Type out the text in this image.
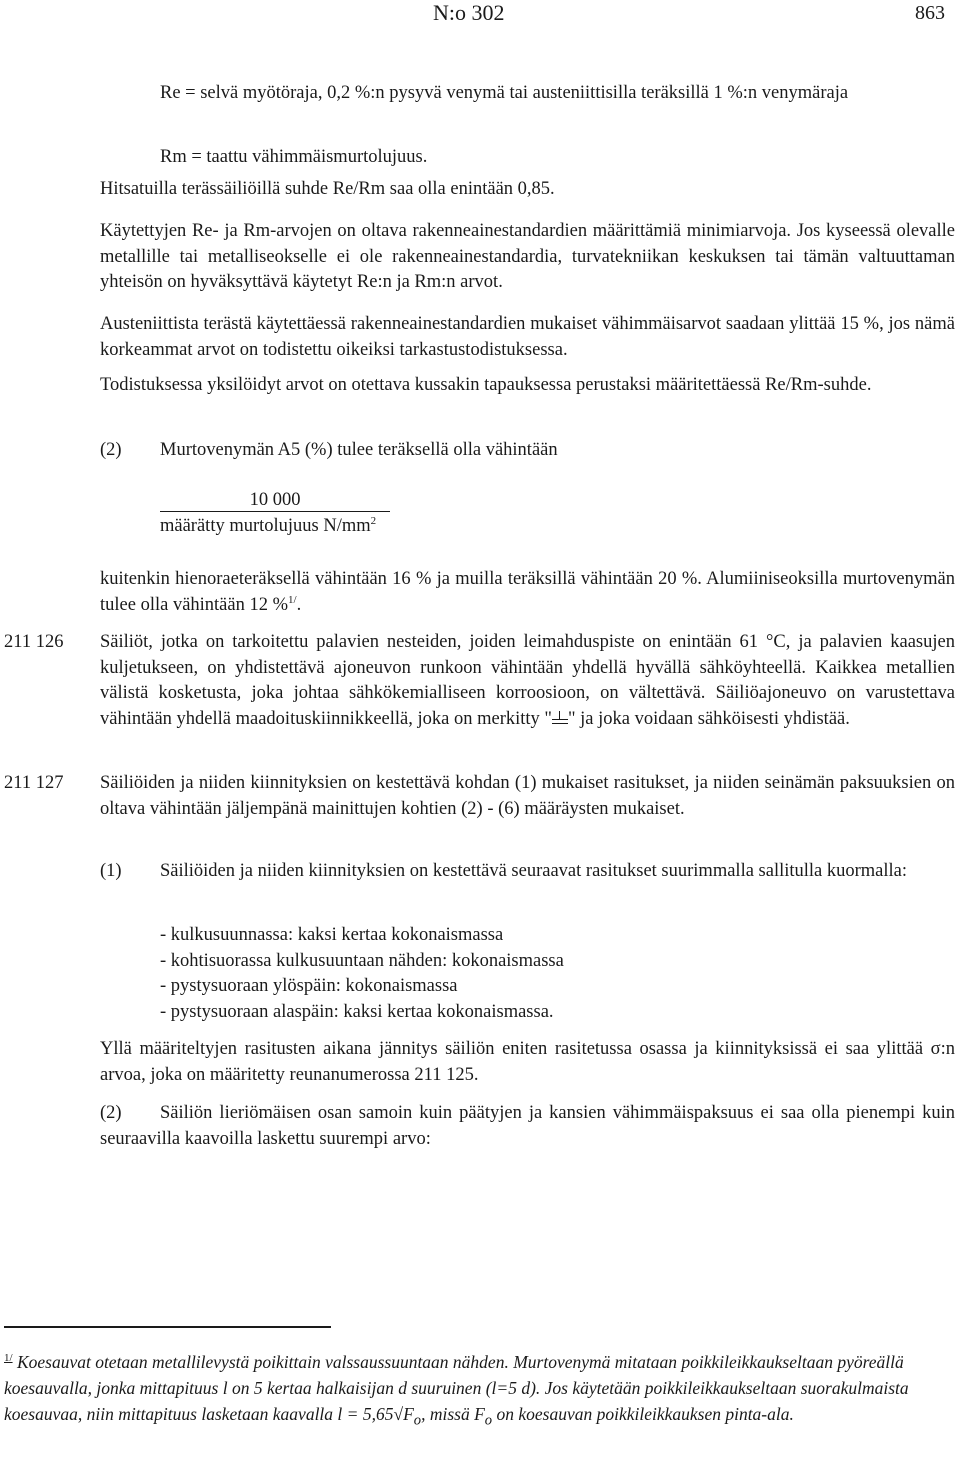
N:o 302	863
Re = selvä myötöraja, 0,2 %:n pysyvä venymä tai austeniittisilla teräksillä 1 %:n venymäraja
Rm = taattu vähimmäismurtolujuus.
Hitsatuilla terässäiliöillä suhde Re/Rm saa olla enintään 0,85.
Käytettyjen Re- ja Rm-arvojen on oltava rakenneainestandardien määrittämiä minimiarvoja. Jos kyseessä olevalle metallille tai metalliseokselle ei ole rakenneainestandardia, turvatekniikan keskuksen tai tämän valtuuttaman yhteisön on hyväksyttävä käytetyt Re:n ja Rm:n arvot.
Austeniittista terästä käytettäessä rakenneainestandardien mukaiset vähimmäisarvot saadaan ylittää 15 %, jos nämä korkeammat arvot on todistettu oikeiksi tarkastustodistuksessa.
Todistuksessa yksilöidyt arvot on otettava kussakin tapauksessa perustaksi määritettäessä Re/Rm-suhde.
(2) Murtovenymän A5 (%) tulee teräksellä olla vähintään
10 000
määrätty murtolujuus $N/mm^2$
kuitenkin hienoraeteräksellä vähintään 16 % ja muilla teräksillä vähintään 20 %. Alumiiniseoksilla murtovenymän tulee olla vähintään 12 %$^{1/}$.
211 126 Säiliöt, jotka on tarkoitettu palavien nesteiden, joiden leimahduspiste on enintään 61 °C, ja palavien kaasujen kuljetukseen, on yhdistettävä ajoneuvon runkoon vähintään yhdellä hyvällä sähköyhteellä. Kaikkea metallien välistä kosketusta, joka johtaa sähkökemialliseen korroosioon, on vältettävä. Säiliöajoneuvo on varustettava vähintään yhdellä maadoituskiinnikkeellä, joka on merkitty " " ja joka voidaan sähköisesti yhdistää.
211 127 Säiliöiden ja niiden kiinnityksien on kestettävä kohdan (1) mukaiset rasitukset, ja niiden seinämän paksuuksien on oltava vähintään jäljempänä mainittujen kohtien (2) - (6) määräysten mukaiset.
(1)	Säiliöiden ja niiden kiinnityksien on kestettävä seuraavat rasitukset suurimmalla sallitulla kuormalla:
- kulkusuunnassa: kaksi kertaa kokonaismassa
- kohtisuorassa kulkusuuntaan nähden: kokonaismassa
- pystysuoraan ylöspäin: kokonaismassa
- pystysuoraan alaspäin: kaksi kertaa kokonaismassa.
Yllä määriteltyjen rasitusten aikana jännitys säiliön eniten rasitetussa osassa ja kiinnityksissä ei saa ylittää σ:n arvoa, joka on määritetty reunanumerossa 211 125.
(2)	Säiliön lieriömäisen osan samoin kuin päätyjen ja kansien vähimmäispaksuus ei saa olla pienempi kuin seuraavilla kaavoilla laskettu suurempi arvo:
$^{1/}$ Koesauvat otetaan metallilevystä poikittain valssaussuuntaan nähden. Murtovenymä mitataan poikkileikkaukseltaan pyöreällä koesauvalla, jonka mittapituus l on 5 kertaa halkaisijan d suuruinen (l=5 d). Jos käytetään poikkileikkaukseltaan suorakulmaista koesauvaa, niin mittapituus lasketaan kaavalla $l = 5,65√F_o$, missä $F_o$ on koesauvan poikkileikkauksen pinta-ala.
